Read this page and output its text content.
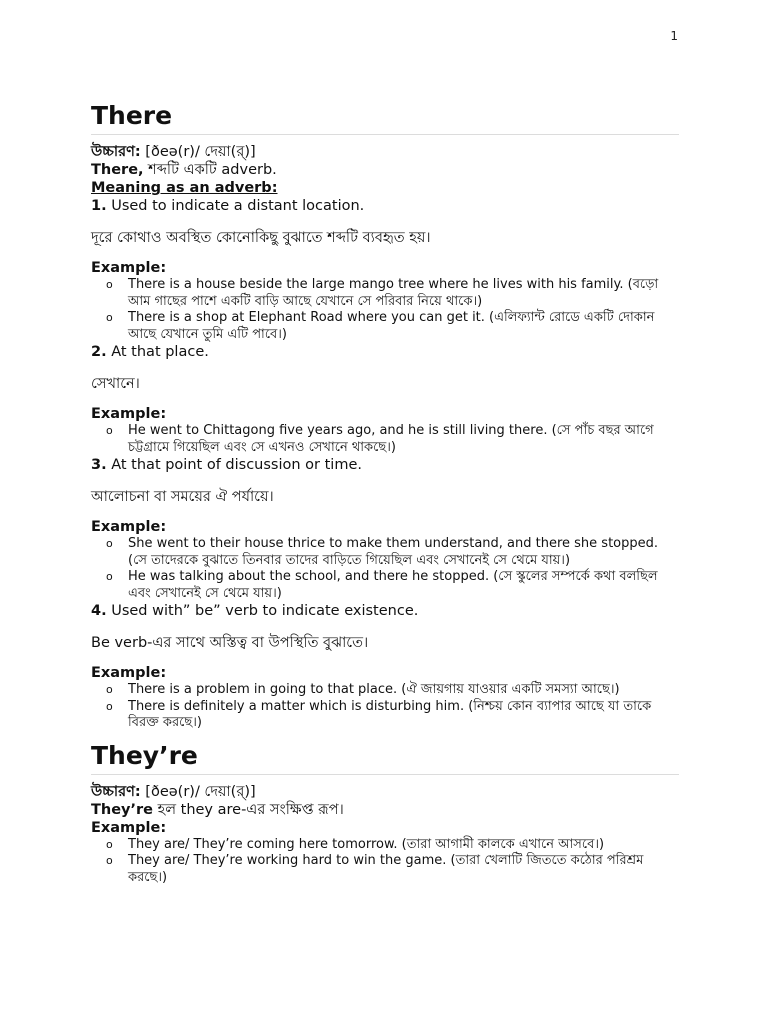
1
There

উচ্চারণ: [ðeə(r)/ দেয়া(র্)]

There, শব্দটি একটি adverb.

Meaning as an adverb:

1. Used to indicate a distant location.

দূরে কোথাও অবস্থিত কোনোকিছু বুঝাতে শব্দটি ব্যবহৃত হয়।

Example:

o There is a house beside the large mango tree where he lives with his family. (বড়ো আম গাছের পাশে একটি বাড়ি আছে যেখানে সে পরিবার নিয়ে থাকে।)
o There is a shop at Elephant Road where you can get it. (এলিফ্যান্ট রোডে একটি দোকান আছে যেখানে তুমি এটি পাবে।)

2. At that place.

সেখানে।

Example:

o He went to Chittagong five years ago, and he is still living there. (সে পাঁচ বছর আগে চট্টগ্রামে গিয়েছিল এবং সে এখনও সেখানে থাকছে।)

3. At that point of discussion or time.

আলোচনা বা সময়ের ঐ পর্যায়ে।

Example:

o She went to their house thrice to make them understand, and there she stopped. (সে তাদেরকে বুঝাতে তিনবার তাদের বাড়িতে গিয়েছিল এবং সেখানেই সে থেমে যায়।)
o He was talking about the school, and there he stopped. (সে স্কুলের সম্পর্কে কথা বলছিল এবং সেখানেই সে থেমে যায়।)

4. Used with” be” verb to indicate existence.

Be verb-এর সাথে অস্তিত্ব বা উপস্থিতি বুঝাতে।

Example:

o There is a problem in going to that place. (ঐ জায়গায় যাওয়ার একটি সমস্যা আছে।)
o There is definitely a matter which is disturbing him. (নিশ্চয় কোন ব্যাপার আছে যা তাকে বিরক্ত করছে।)
They’re

উচ্চারণ: [ðeə(r)/ দেয়া(র্)]

They’re হল they are-এর সংক্ষিপ্ত রূপ।

Example:

o They are/ They’re coming here tomorrow. (তারা আগামী কালকে এখানে আসবে।)
o They are/ They’re working hard to win the game. (তারা খেলাটি জিততে কঠোর পরিশ্রম করছে।)
